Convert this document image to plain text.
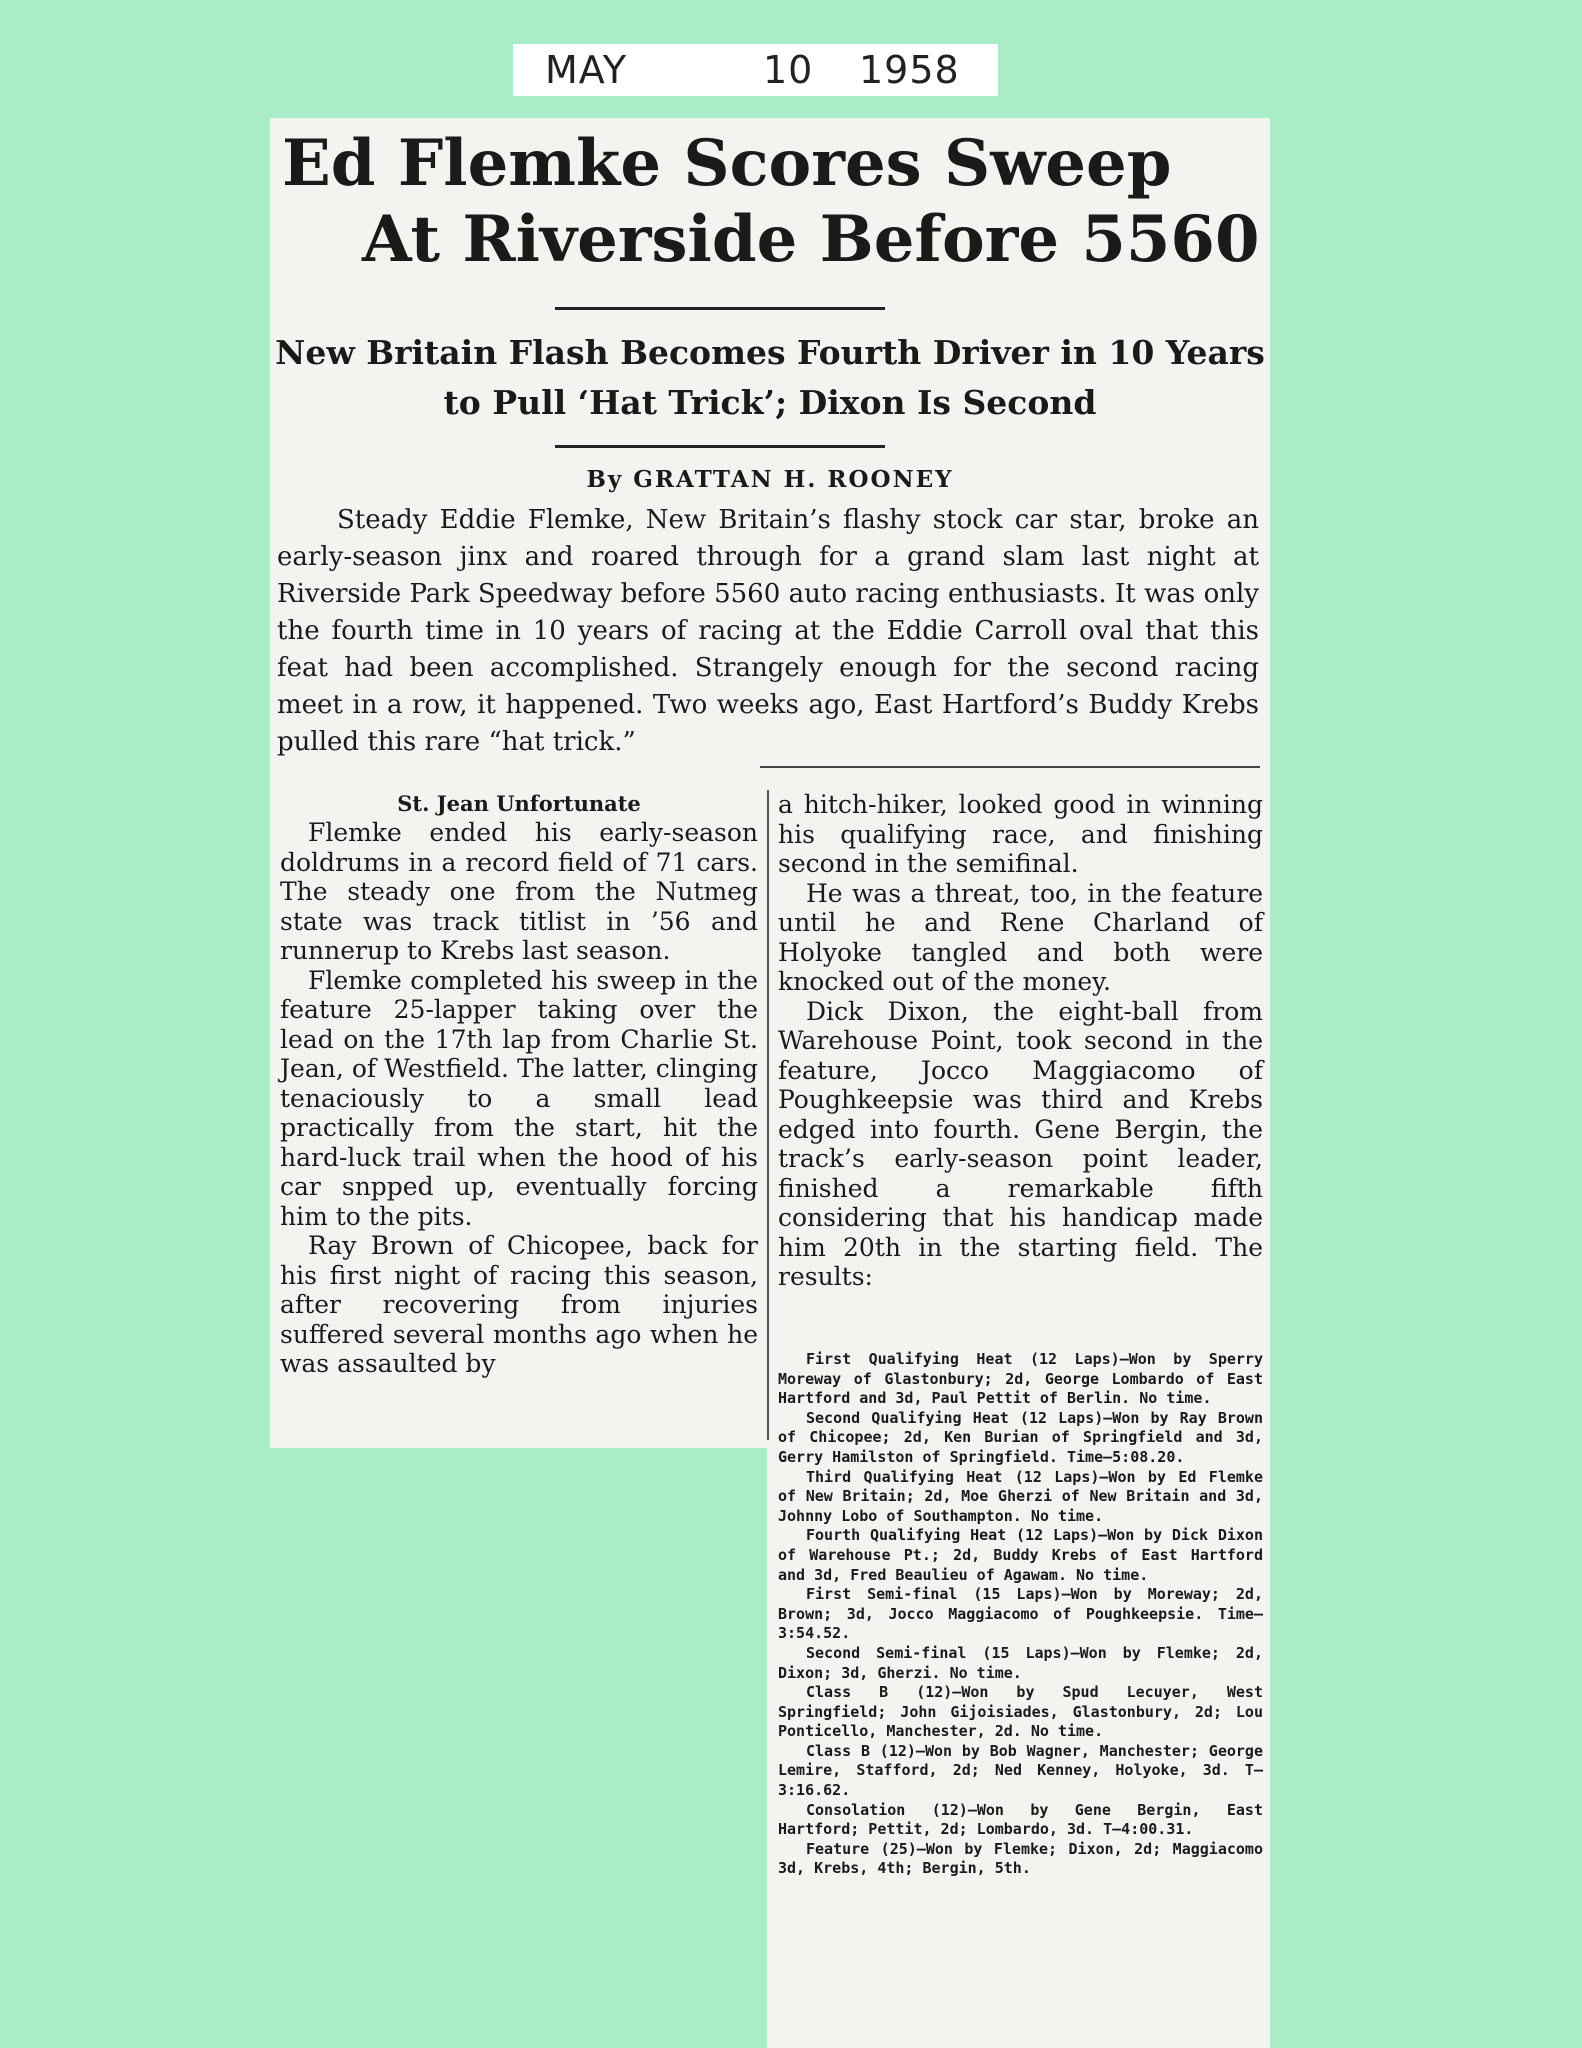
MAY	10 1958
Ed Flemke Scores Sweep
At Riverside Before 5560
New Britain Flash Becomes Fourth Driver in 10 Years to Pull ‘Hat Trick’; Dixon Is Second
By GRATTAN H. ROONEY

Steady Eddie Flemke, New Britain’s flashy stock car star, broke an early-season jinx and roared through for a grand slam last night at Riverside Park Speedway before 5560 auto racing enthusiasts. It was only the fourth time in 10 years of racing at the Eddie Carroll oval that this feat had been accomplished. Strangely enough for the second racing meet in a row, it happened. Two weeks ago, East Hartford’s Buddy Krebs pulled this rare “hat trick.”

St. Jean Unfortunate

Flemke ended his early-season doldrums in a record field of 71 cars. The steady one from the Nutmeg state was track titlist in ’56 and runnerup to Krebs last season.

Flemke completed his sweep in the feature 25-lapper taking over the lead on the 17th lap from Charlie St. Jean, of Westfield. The latter, clinging tenaciously to a small lead practically from the start, hit the hard-luck trail when the hood of his car snpped up, eventually forcing him to the pits.

Ray Brown of Chicopee, back for his first night of racing this season, after recovering from injuries suffered several months ago when he was assaulted by

a hitch-hiker, looked good in winning his qualifying race, and finishing second in the semifinal.

He was a threat, too, in the feature until he and Rene Charland of Holyoke tangled and both were knocked out of the money.

Dick Dixon, the eight-ball from Warehouse Point, took second in the feature, Jocco Maggiacomo of Poughkeepsie was third and Krebs edged into fourth. Gene Bergin, the track’s early-season point leader, finished a remarkable fifth considering that his handicap made him 20th in the starting field. The results:

First Qualifying Heat (12 Laps)—Won by Sperry Moreway of Glastonbury; 2d, George Lombardo of East Hartford and 3d, Paul Pettit of Berlin. No time.

Second Qualifying Heat (12 Laps)—Won by Ray Brown of Chicopee; 2d, Ken Burian of Springfield and 3d, Gerry Hamilston of Springfield. Time—5:08.20.

Third Qualifying Heat (12 Laps)—Won by Ed Flemke of New Britain; 2d, Moe Gherzi of New Britain and 3d, Johnny Lobo of Southampton. No time.

Fourth Qualifying Heat (12 Laps)—Won by Dick Dixon of Warehouse Pt.; 2d, Buddy Krebs of East Hartford and 3d, Fred Beaulieu of Agawam. No time.

First Semi-final (15 Laps)—Won by Moreway; 2d, Brown; 3d, Jocco Maggiacomo of Poughkeepsie. Time—3:54.52.

Second Semi-final (15 Laps)—Won by Flemke; 2d, Dixon; 3d, Gherzi. No time.

Class B (12)—Won by Spud Lecuyer, West Springfield; John Gijoisiades, Glastonbury, 2d; Lou Ponticello, Manchester, 2d. No time.

Class B (12)—Won by Bob Wagner, Manchester; George Lemire, Stafford, 2d; Ned Kenney, Holyoke, 3d. T—3:16.62.

Consolation (12)—Won by Gene Bergin, East Hartford; Pettit, 2d; Lombardo, 3d. T—4:00.31.

Feature (25)—Won by Flemke; Dixon, 2d; Maggiacomo 3d, Krebs, 4th; Bergin, 5th.
